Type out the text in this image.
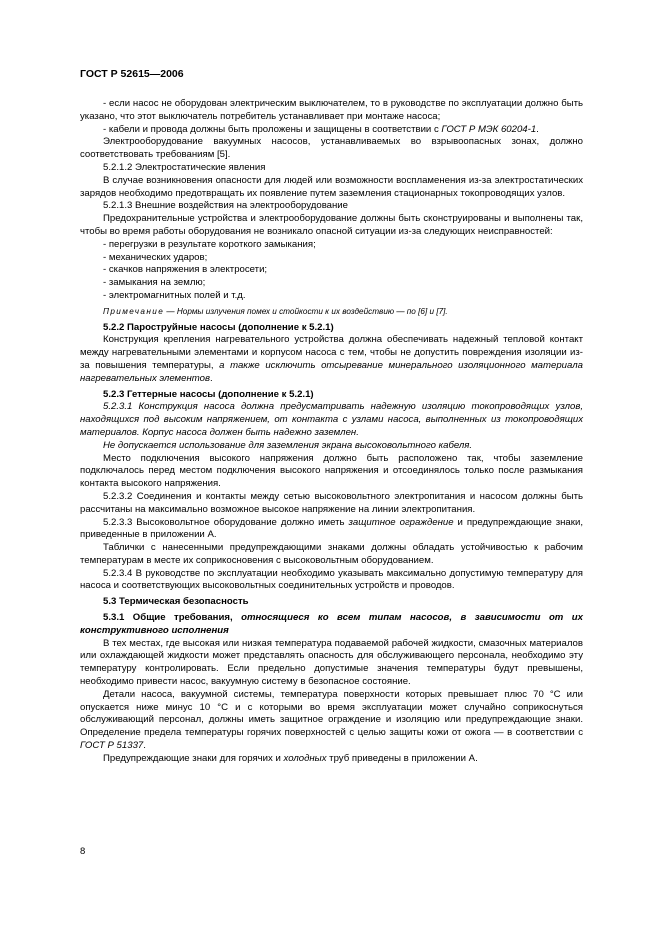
ГОСТ Р 52615—2006

- если насос не оборудован электрическим выключателем, то в руководстве по эксплуатации должно быть указано, что этот выключатель потребитель устанавливает при монтаже насоса;

- кабели и провода должны быть проложены и защищены в соответствии с ГОСТ Р МЭК 60204-1.

Электрооборудование вакуумных насосов, устанавливаемых во взрывоопасных зонах, должно соответствовать требованиям [5].

5.2.1.2 Электростатические явления

В случае возникновения опасности для людей или возможности воспламенения из-за электростатических зарядов необходимо предотвращать их появление путем заземления стационарных токопроводящих узлов.

5.2.1.3 Внешние воздействия на электрооборудование

Предохранительные устройства и электрооборудование должны быть сконструированы и выполнены так, чтобы во время работы оборудования не возникало опасной ситуации из-за следующих неисправностей:

- перегрузки в результате короткого замыкания;

- механических ударов;

- скачков напряжения в электросети;

- замыкания на землю;

- электромагнитных полей и т.д.

Примечание — Нормы излучения помех и стойкости к их воздействию — по [6] и [7].

5.2.2 Пароструйные насосы (дополнение к 5.2.1)

Конструкция крепления нагревательного устройства должна обеспечивать надежный тепловой контакт между нагревательными элементами и корпусом насоса с тем, чтобы не допустить повреждения изоляции из-за повышения температуры, а также исключить отсыревание минерального изоляционного материала нагревательных элементов.

5.2.3 Геттерные насосы (дополнение к 5.2.1)

5.2.3.1 Конструкция насоса должна предусматривать надежную изоляцию токопроводящих узлов, находящихся под высоким напряжением, от контакта с узлами насоса, выполненных из токопроводящих материалов. Корпус насоса должен быть надежно заземлен.

Не допускается использование для заземления экрана высоковольтного кабеля.

Место подключения высокого напряжения должно быть расположено так, чтобы заземление подключалось перед местом подключения высокого напряжения и отсоединялось только после размыкания контакта высокого напряжения.

5.2.3.2 Соединения и контакты между сетью высоковольтного электропитания и насосом должны быть рассчитаны на максимально возможное высокое напряжение на линии электропитания.

5.2.3.3 Высоковольтное оборудование должно иметь защитное ограждение и предупреждающие знаки, приведенные в приложении А.

Таблички с нанесенными предупреждающими знаками должны обладать устойчивостью к рабочим температурам в месте их соприкосновения с высоковольтным оборудованием.

5.2.3.4 В руководстве по эксплуатации необходимо указывать максимально допустимую температуру для насоса и соответствующих высоковольтных соединительных устройств и проводов.

5.3 Термическая безопасность

5.3.1 Общие требования, относящиеся ко всем типам насосов, в зависимости от их конструктивного исполнения

В тех местах, где высокая или низкая температура подаваемой рабочей жидкости, смазочных материалов или охлаждающей жидкости может представлять опасность для обслуживающего персонала, необходимо эту температуру контролировать. Если предельно допустимые значения температуры будут превышены, необходимо привести насос, вакуумную систему в безопасное состояние.

Детали насоса, вакуумной системы, температура поверхности которых превышает плюс 70 °С или опускается ниже минус 10 °С и с которыми во время эксплуатации может случайно соприкоснуться обслуживающий персонал, должны иметь защитное ограждение и изоляцию или предупреждающие знаки. Определение предела температуры горячих поверхностей с целью защиты кожи от ожога — в соответствии с ГОСТ Р 51337.

Предупреждающие знаки для горячих и холодных труб приведены в приложении А.

8
